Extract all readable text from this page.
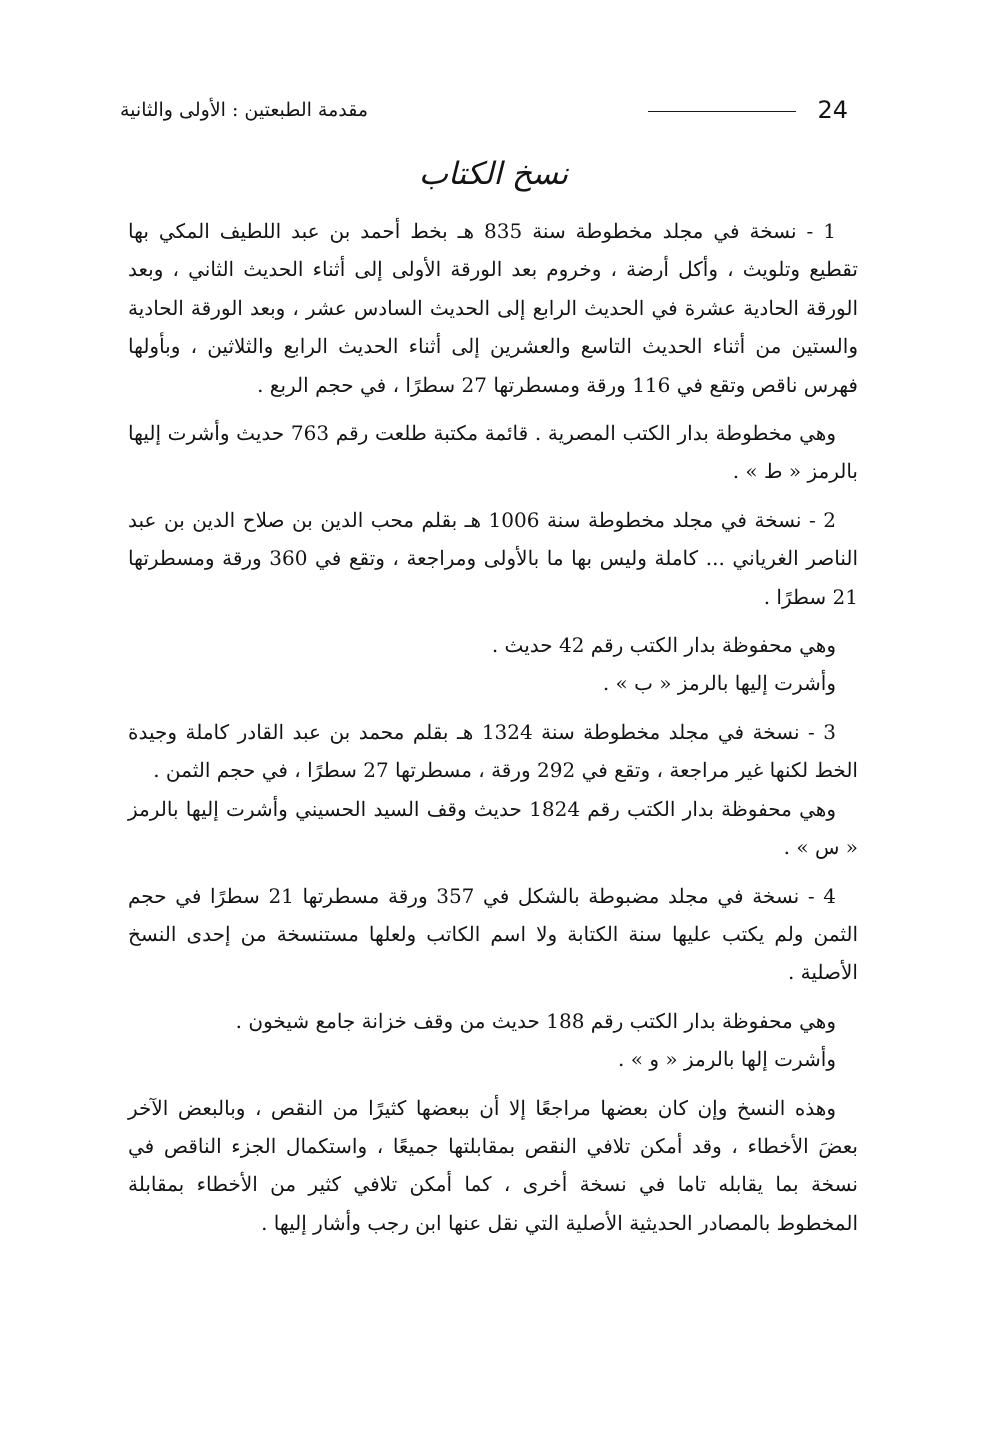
24
مقدمة الطبعتين : الأولى والثانية
نسخ الكتاب

1 - نسخة في مجلد مخطوطة سنة 835 هـ بخط أحمد بن عبد اللطيف المكي بها تقطيع وتلويث ، وأكل أرضة ، وخروم بعد الورقة الأولى إلى أثناء الحديث الثاني ، وبعد الورقة الحادية عشرة في الحديث الرابع إلى الحديث السادس عشر ، وبعد الورقة الحادية والستين من أثناء الحديث التاسع والعشرين إلى أثناء الحديث الرابع والثلاثين ، وبأولها فهرس ناقص وتقع في 116 ورقة ومسطرتها 27 سطرًا ، في حجم الربع .

وهي مخطوطة بدار الكتب المصرية . قائمة مكتبة طلعت رقم 763 حديث وأشرت إليها بالرمز « ط » .

2 - نسخة في مجلد مخطوطة سنة 1006 هـ بقلم محب الدين بن صلاح الدين بن عبد الناصر الغرياني ... كاملة وليس بها ما بالأولى ومراجعة ، وتقع في 360 ورقة ومسطرتها 21 سطرًا .

وهي محفوظة بدار الكتب رقم 42 حديث .

وأشرت إليها بالرمز « ب » .

3 - نسخة في مجلد مخطوطة سنة 1324 هـ بقلم محمد بن عبد القادر كاملة وجيدة الخط لكنها غير مراجعة ، وتقع في 292 ورقة ، مسطرتها 27 سطرًا ، في حجم الثمن .

وهي محفوظة بدار الكتب رقم 1824 حديث وقف السيد الحسيني وأشرت إليها بالرمز « س » .

4 - نسخة في مجلد مضبوطة بالشكل في 357 ورقة مسطرتها 21 سطرًا في حجم الثمن ولم يكتب عليها سنة الكتابة ولا اسم الكاتب ولعلها مستنسخة من إحدى النسخ الأصلية .

وهي محفوظة بدار الكتب رقم 188 حديث من وقف خزانة جامع شيخون .

وأشرت إلها بالرمز « و » .

وهذه النسخ وإن كان بعضها مراجعًا إلا أن ببعضها كثيرًا من النقص ، وبالبعض الآخر بعضَ الأخطاء ، وقد أمكن تلافي النقص بمقابلتها جميعًا ، واستكمال الجزء الناقص في نسخة بما يقابله تاما في نسخة أخرى ، كما أمكن تلافي كثير من الأخطاء بمقابلة المخطوط بالمصادر الحديثية الأصلية التي نقل عنها ابن رجب وأشار إليها .
